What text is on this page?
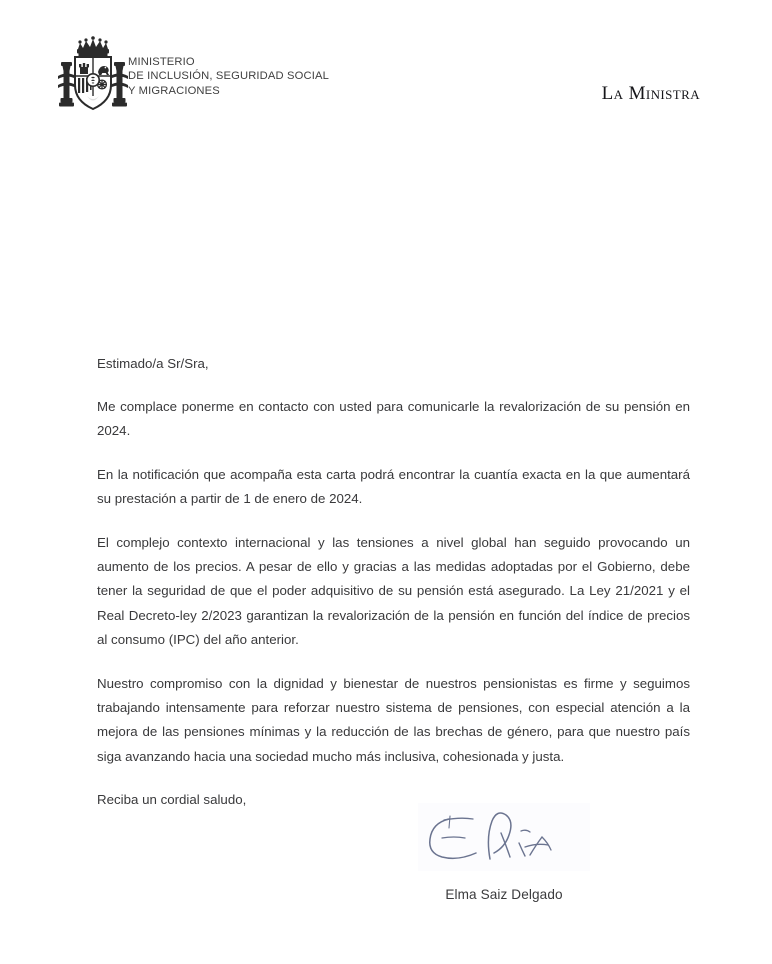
MINISTERIO
DE INCLUSIÓN, SEGURIDAD SOCIAL
Y MIGRACIONES	La Ministra

Estimado/a Sr/Sra,

Me complace ponerme en contacto con usted para comunicarle la revalorización de su pensión en 2024.

En la notificación que acompaña esta carta podrá encontrar la cuantía exacta en la que aumentará su prestación a partir de 1 de enero de 2024.

El complejo contexto internacional y las tensiones a nivel global han seguido provocando un aumento de los precios. A pesar de ello y gracias a las medidas adoptadas por el Gobierno, debe tener la seguridad de que el poder adquisitivo de su pensión está asegurado. La Ley 21/2021 y el Real Decreto-ley 2/2023 garantizan la revalorización de la pensión en función del índice de precios al consumo (IPC) del año anterior.

Nuestro compromiso con la dignidad y bienestar de nuestros pensionistas es firme y seguimos trabajando intensamente para reforzar nuestro sistema de pensiones, con especial atención a la mejora de las pensiones mínimas y la reducción de las brechas de género, para que nuestro país siga avanzando hacia una sociedad mucho más inclusiva, cohesionada y justa.

Reciba un cordial saludo,

Elma Saiz Delgado
